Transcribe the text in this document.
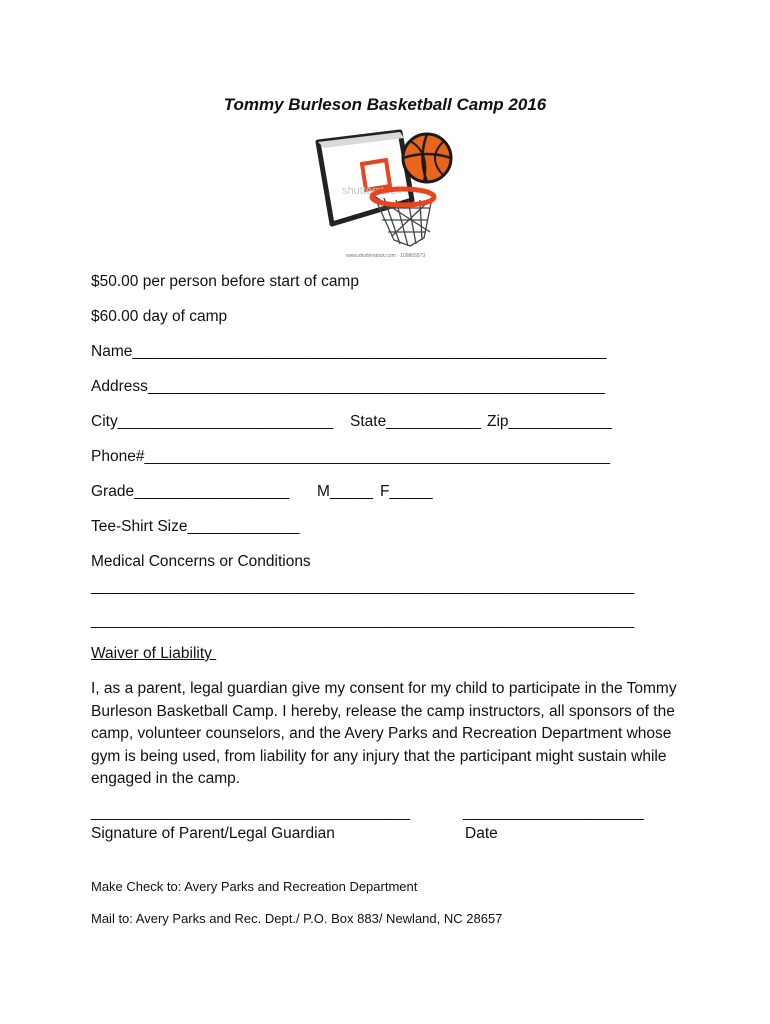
Tommy Burleson Basketball Camp 2016
shutterstock
www.shutterstock.com · 109865573
$50.00 per person before start of camp
$60.00 day of camp
Name_______________________________________________________
Address_____________________________________________________
City_________________________ State___________ Zip____________
Phone#______________________________________________________
Grade__________________ M_____ F_____
Tee-Shirt Size_____________
Medical Concerns or Conditions
_______________________________________________________________
_______________________________________________________________
Waiver of Liability
I, as a parent, legal guardian give my consent for my child to participate in the Tommy Burleson Basketball Camp. I hereby, release the camp instructors, all sponsors of the camp, volunteer counselors, and the Avery Parks and Recreation Department whose gym is being used, from liability for any injury that the participant might sustain while engaged in the camp.
_____________________________________	_____________________
Signature of Parent/Legal Guardian	Date
Make Check to: Avery Parks and Recreation Department
Mail to: Avery Parks and Rec. Dept./ P.O. Box 883/ Newland, NC 28657
